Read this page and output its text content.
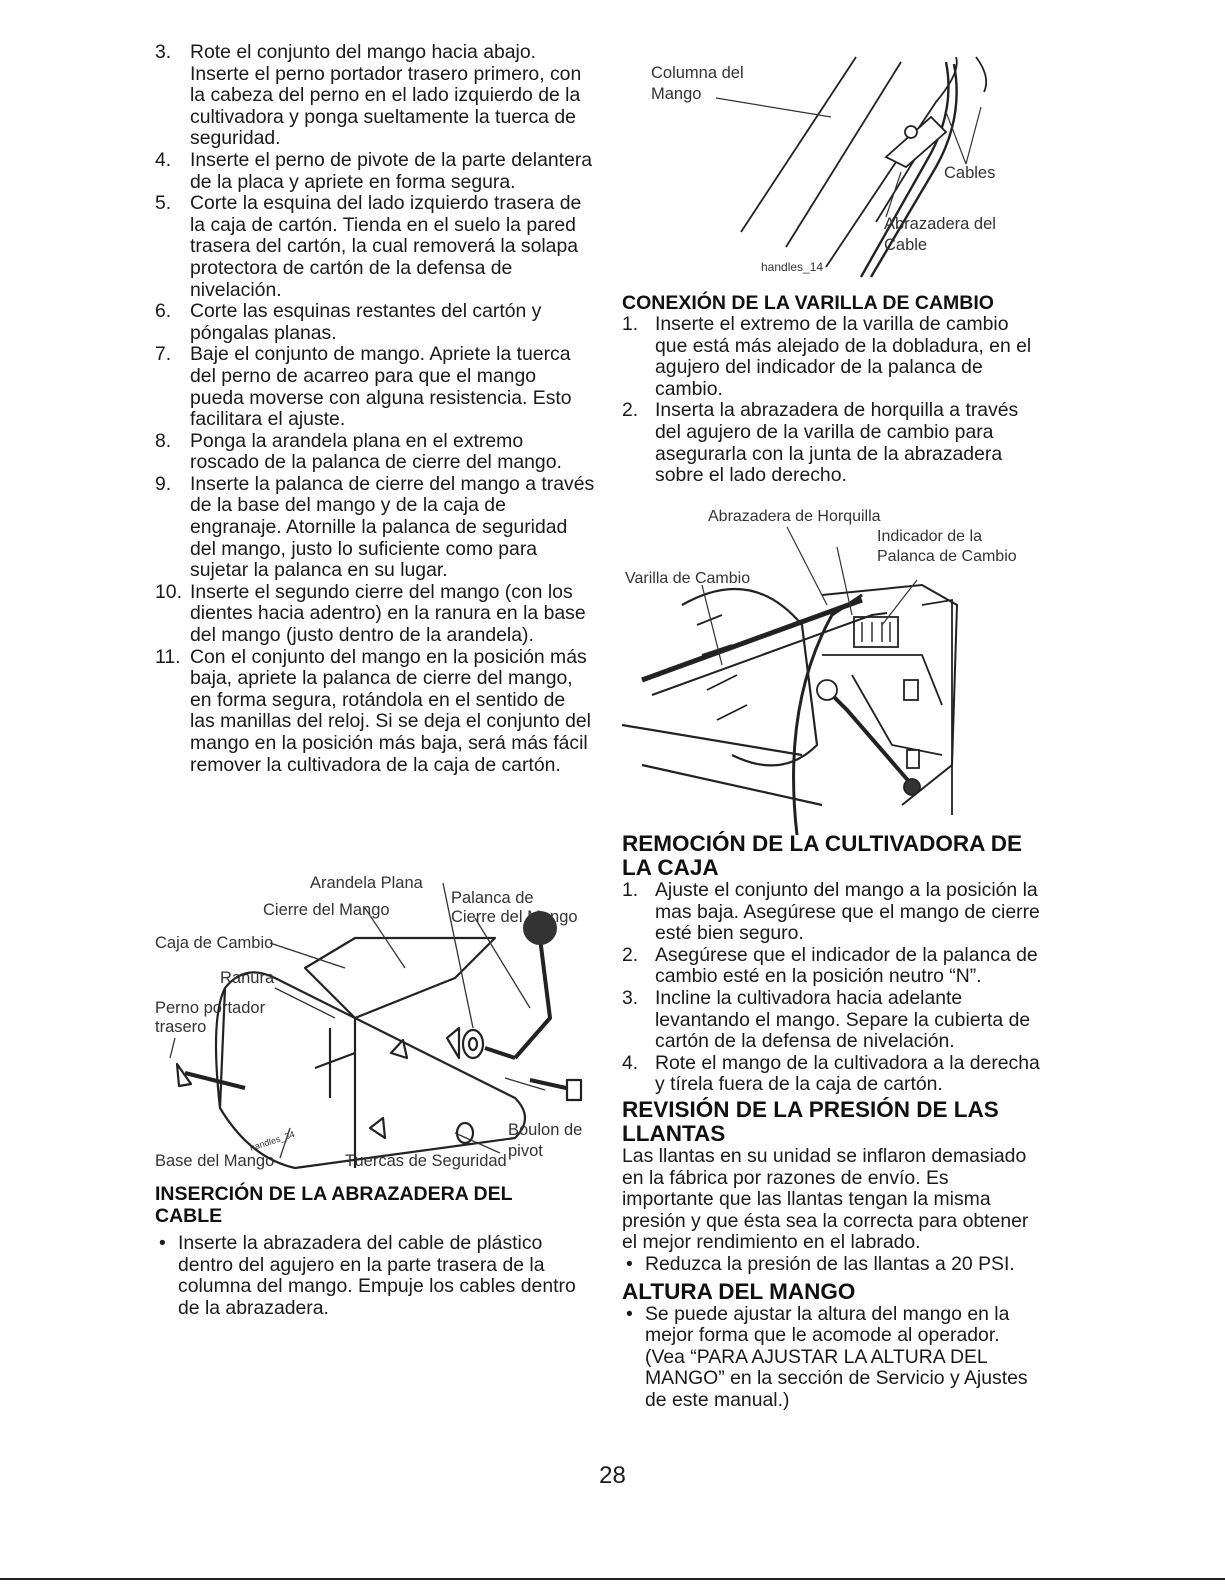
3. Rote el conjunto del mango hacia abajo. Inserte el perno portador trasero primero, con la cabeza del perno en el lado izquierdo de la cultivadora y ponga sueltamente la tuerca de seguridad.
4. Inserte el perno de pivote de la parte delantera de la placa y apriete en forma segura.
5. Corte la esquina del lado izquierdo trasera de la caja de cartón. Tienda en el suelo la pared trasera del cartón, la cual removerá la solapa protectora de cartón de la defensa de nivelación.
6. Corte las esquinas restantes del cartón y póngalas planas.
7. Baje el conjunto de mango. Apriete la tuerca del perno de acarreo para que el mango pueda moverse con alguna resistencia. Esto facilitara el ajuste.
8. Ponga la arandela plana en el extremo roscado de la palanca de cierre del mango.
9. Inserte la palanca de cierre del mango a través de la base del mango y de la caja de engranaje. Atornille la palanca de seguridad del mango, justo lo suficiente como para sujetar la palanca en su lugar.
10. Inserte el segundo cierre del mango (con los dientes hacia adentro) en la ranura en la base del mango (justo dentro de la arandela).
11. Con el conjunto del mango en la posición más baja, apriete la palanca de cierre del mango, en forma segura, rotándola en el sentido de las manillas del reloj. Si se deja el conjunto del mango en la posición más baja, será más fácil remover la cultivadora de la caja de cartón.
Arandela Plana
Palanca de
Cierre del Mango
Cierre del Mango
Caja de Cambio
Ranura
Perno portador
trasero
Boulon de
pivot
Base del Mango	Tuercas de Seguridad
handles_34
INSERCIÓN DE LA ABRAZADERA DEL
CABLE
• Inserte la abrazadera del cable de plástico dentro del agujero en la parte trasera de la columna del mango. Empuje los cables dentro de la abrazadera.
Columna del
Mango
Cables
Abrazadera del
Cable
handles_14
CONEXIÓN DE LA VARILLA DE CAMBIO
1. Inserte el extremo de la varilla de cambio que está más alejado de la dobladura, en el agujero del indicador de la palanca de cambio.
2. Inserta la abrazadera de horquilla a través del agujero de la varilla de cambio para asegurarla con la junta de la abrazadera sobre el lado derecho.
Abrazadera de Horquilla
Indicador de la
Palanca de Cambio
Varilla de Cambio
REMOCIÓN DE LA CULTIVADORA DE
LA CAJA
1. Ajuste el conjunto del mango a la posición la mas baja. Asegúrese que el mango de cierre esté bien seguro.
2. Asegúrese que el indicador de la palanca de cambio esté en la posición neutro “N”.
3. Incline la cultivadora hacia adelante levantando el mango. Separe la cubierta de cartón de la defensa de nivelación.
4. Rote el mango de la cultivadora a la derecha y tírela fuera de la caja de cartón.
REVISIÓN DE LA PRESIÓN DE LAS
LLANTAS

Las llantas en su unidad se inflaron demasiado en la fábrica por razones de envío. Es importante que las llantas tengan la misma presión y que ésta sea la correcta para obtener el mejor rendimiento en el labrado.

• Reduzca la presión de las llantas a 20 PSI.
ALTURA DEL MANGO
• Se puede ajustar la altura del mango en la mejor forma que le acomode al operador. (Vea “PARA AJUSTAR LA ALTURA DEL MANGO” en la sección de Servicio y Ajustes de este manual.)
28
